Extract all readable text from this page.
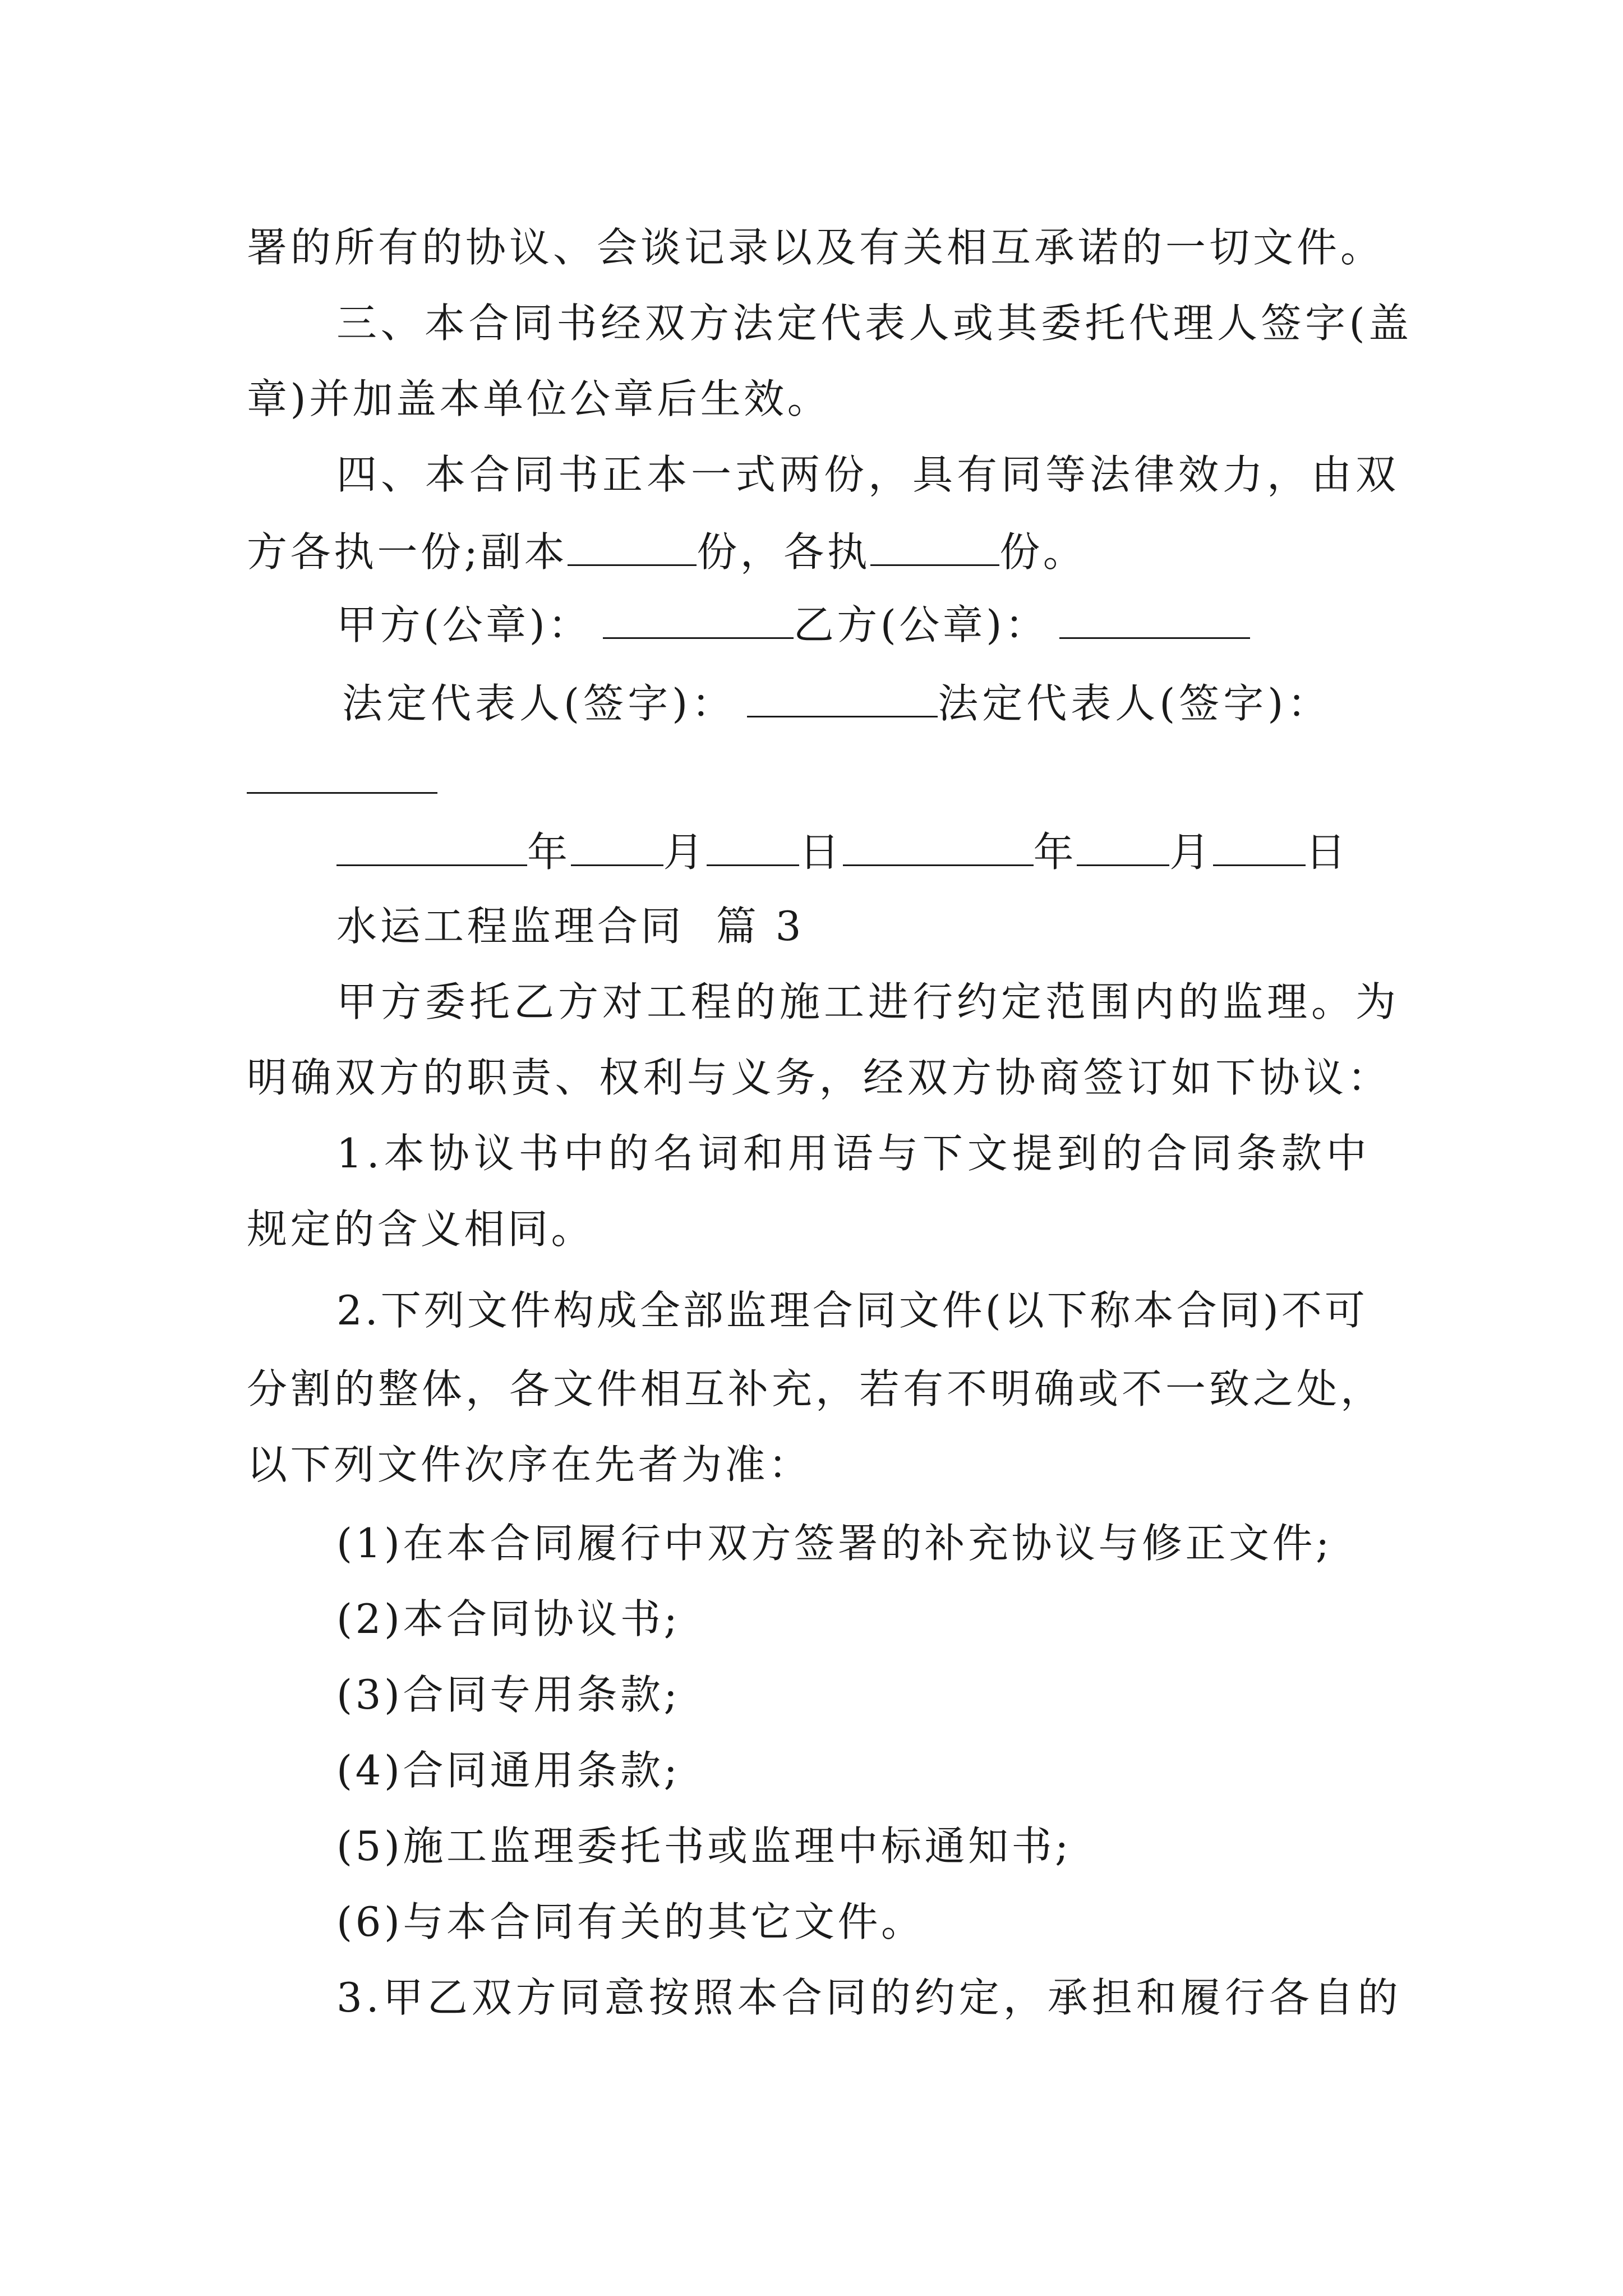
署的所有的协议、会谈记录以及有关相互承诺的一切文件。
三、本合同书经双方法定代表人或其委托代理人签字(盖
章)并加盖本单位公章后生效。
四、本合同书正本一式两份，具有同等法律效力，由双
方各执一份;副本	份，各执	份。
甲方(公章)：	乙方(公章)：
法定代表人(签字)：	法定代表人(签字)：
年 月 日	年 月 日
水运工程监理合同  篇 3
甲方委托乙方对工程的施工进行约定范围内的监理。为
明确双方的职责、权利与义务，经双方协商签订如下协议：
1.本协议书中的名词和用语与下文提到的合同条款中
规定的含义相同。
2.下列文件构成全部监理合同文件(以下称本合同)不可
分割的整体，各文件相互补充，若有不明确或不一致之处，
以下列文件次序在先者为准：
(1)在本合同履行中双方签署的补充协议与修正文件;
(2)本合同协议书;
(3)合同专用条款;
(4)合同通用条款;
(5)施工监理委托书或监理中标通知书;
(6)与本合同有关的其它文件。
3.甲乙双方同意按照本合同的约定，承担和履行各自的
